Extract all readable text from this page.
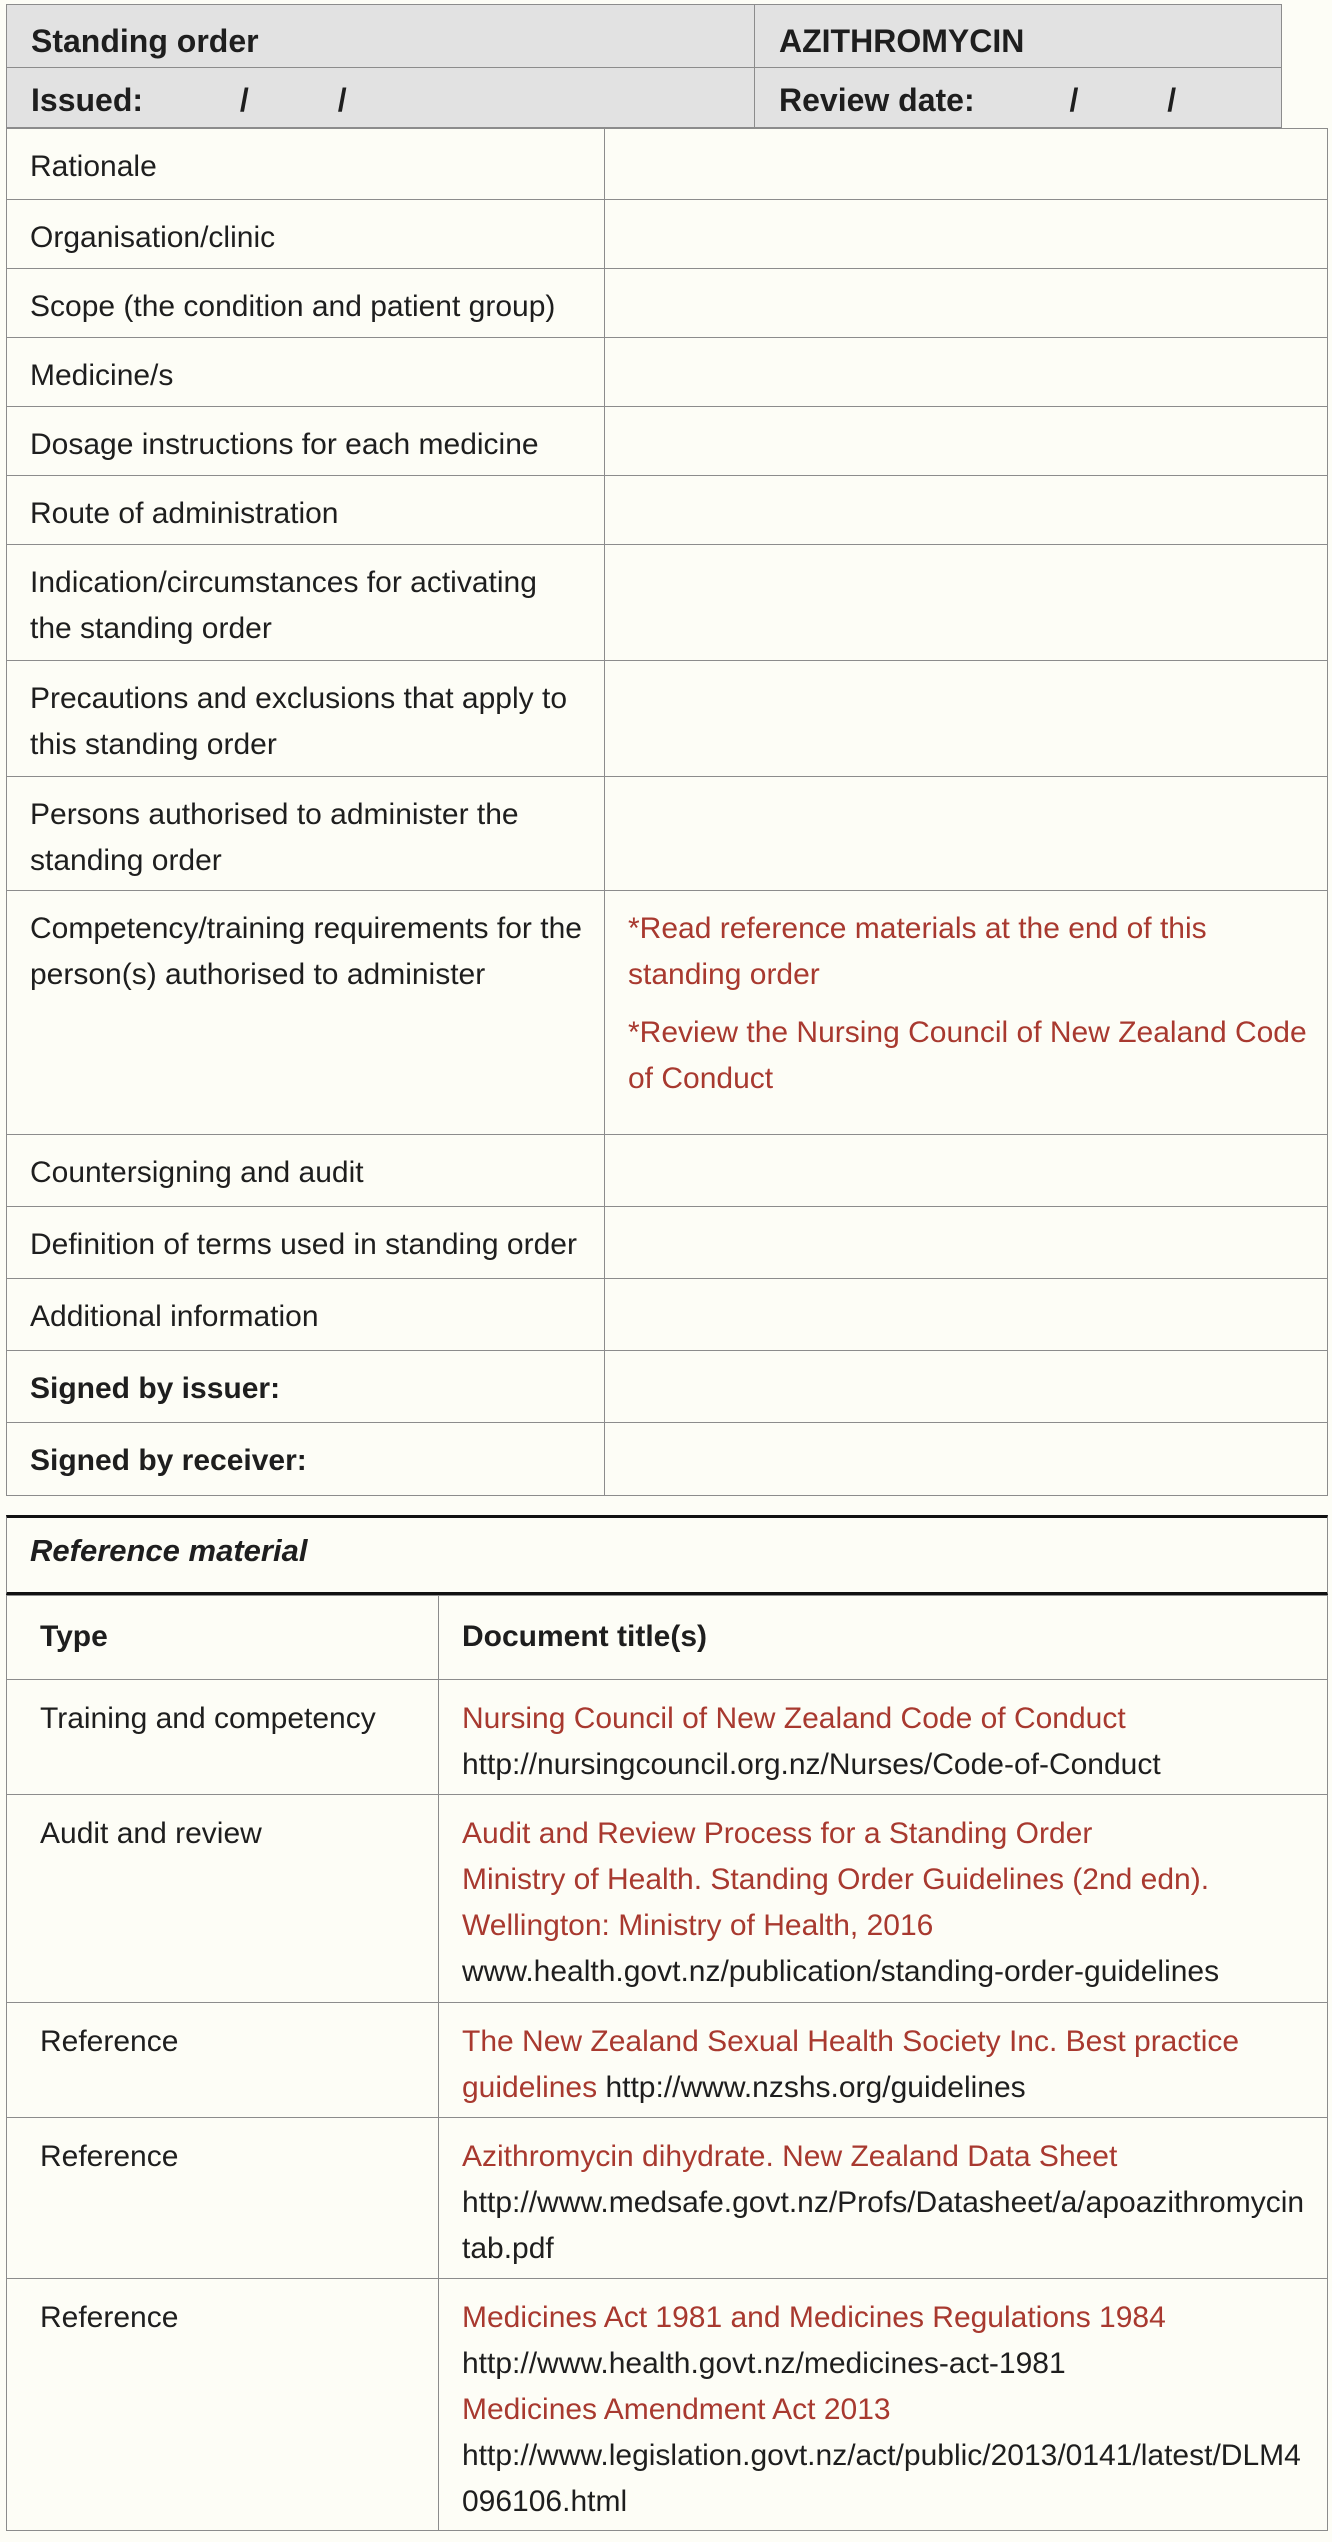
Standing order	AZITHROMYCIN
Issued:	/	/	Review date:	/	/
Rationale	
Organisation/clinic	
Scope (the condition and patient group)	
Medicine/s	
Dosage instructions for each medicine	
Route of administration	
Indication/circumstances for activating the standing order	
Precautions and exclusions that apply to this standing order	
Persons authorised to administer the standing order	
Competency/training requirements for the person(s) authorised to administer	*Read reference materials at the end of this standing order

*Review the Nursing Council of New Zealand Code of Conduct

Countersigning and audit	
Definition of terms used in standing order	
Additional information	
Signed by issuer:	
Signed by receiver:	
Reference material
Type	Document title(s)
Training and competency	Nursing Council of New Zealand Code of Conduct
http://nursingcouncil.org.nz/Nurses/Code-of-Conduct

Audit and review	Audit and Review Process for a Standing Order
Ministry of Health. Standing Order Guidelines (2nd edn).
Wellington: Ministry of Health, 2016
www.health.govt.nz/publication/standing-order-guidelines

Reference	The New Zealand Sexual Health Society Inc. Best practice guidelines http://www.nzshs.org/guidelines
Reference	Azithromycin dihydrate. New Zealand Data Sheet
http://www.medsafe.govt.nz/Profs/Datasheet/a/apoazithromycintab.pdf

Reference	Medicines Act 1981 and Medicines Regulations 1984
http://www.health.govt.nz/medicines-act-1981
Medicines Amendment Act 2013
http://www.legislation.govt.nz/act/public/2013/0141/latest/DLM4096106.html
